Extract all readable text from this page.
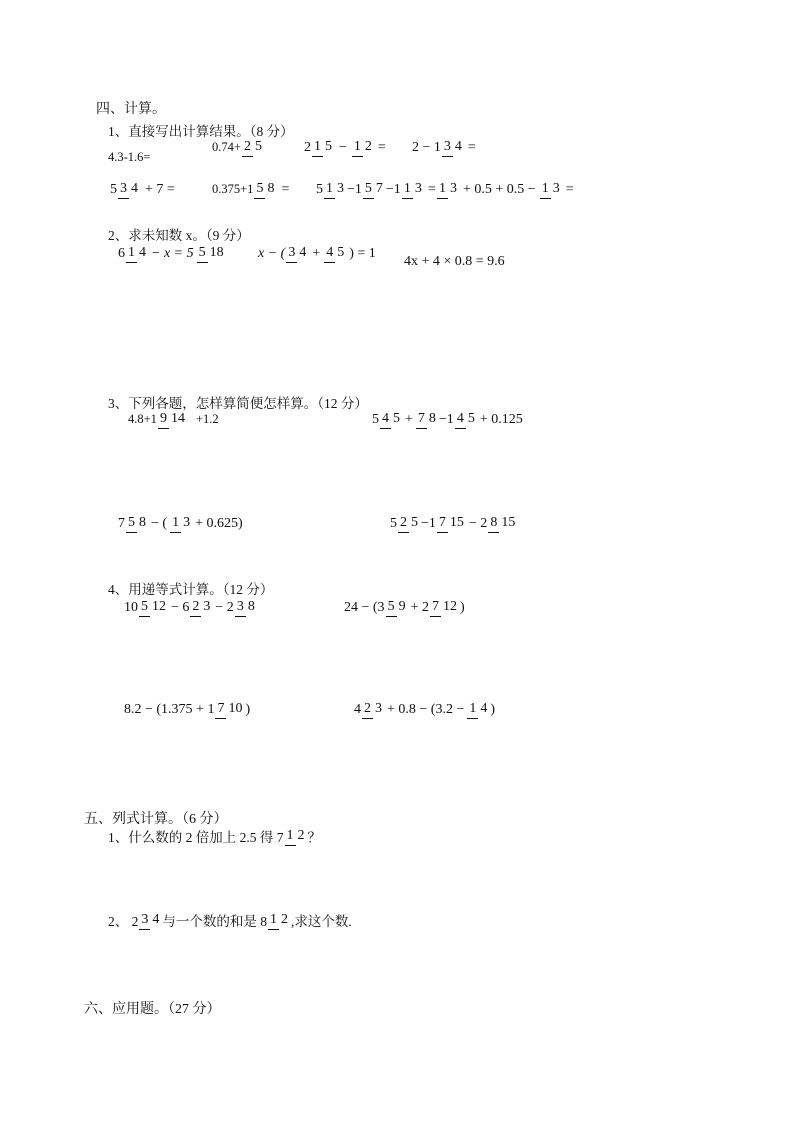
四、计算。
1、直接写出计算结果。（8 分）
4.3-1.6=
0.74+ 2 5	2 1 5 − 1 2 = 2 − 1 3 4 =
5 3 4 + 7 =	0.375+1 5 8 = 5 1 3 −1 5 7 −1 1 3 = 1 3 + 0.5 + 0.5 − 1 3 =
2、求未知数 x。（9 分）
6 1 4 − x = 5 5 18 x − ( 3 4 + 4 5 ) = 1
4x + 4 × 0.8 = 9.6
3、下列各题，怎样算简便怎样算。（12 分）
4.8+1 9 14 +1.2	5 4 5 + 7 8 −1 4 5 + 0.125
7 5 8 − ( 1 3 + 0.625)	5 2 5 −1 7 15 − 2 8 15
4、用递等式计算。（12 分）
10 5 12 − 6 2 3 − 2 3 8	24 − (3 5 9 + 2 7 12 )
8.2 − (1.375 + 1 7 10 )	4 2 3 + 0.8 − (3.2 − 1 4 )
五、列式计算。（6 分）
1、什么数的 2 倍加上 2.5 得 7 1 2 ？
2、 2 3 4 与一个数的和是 8 1 2 ,求这个数.
六、应用题。（27 分）
